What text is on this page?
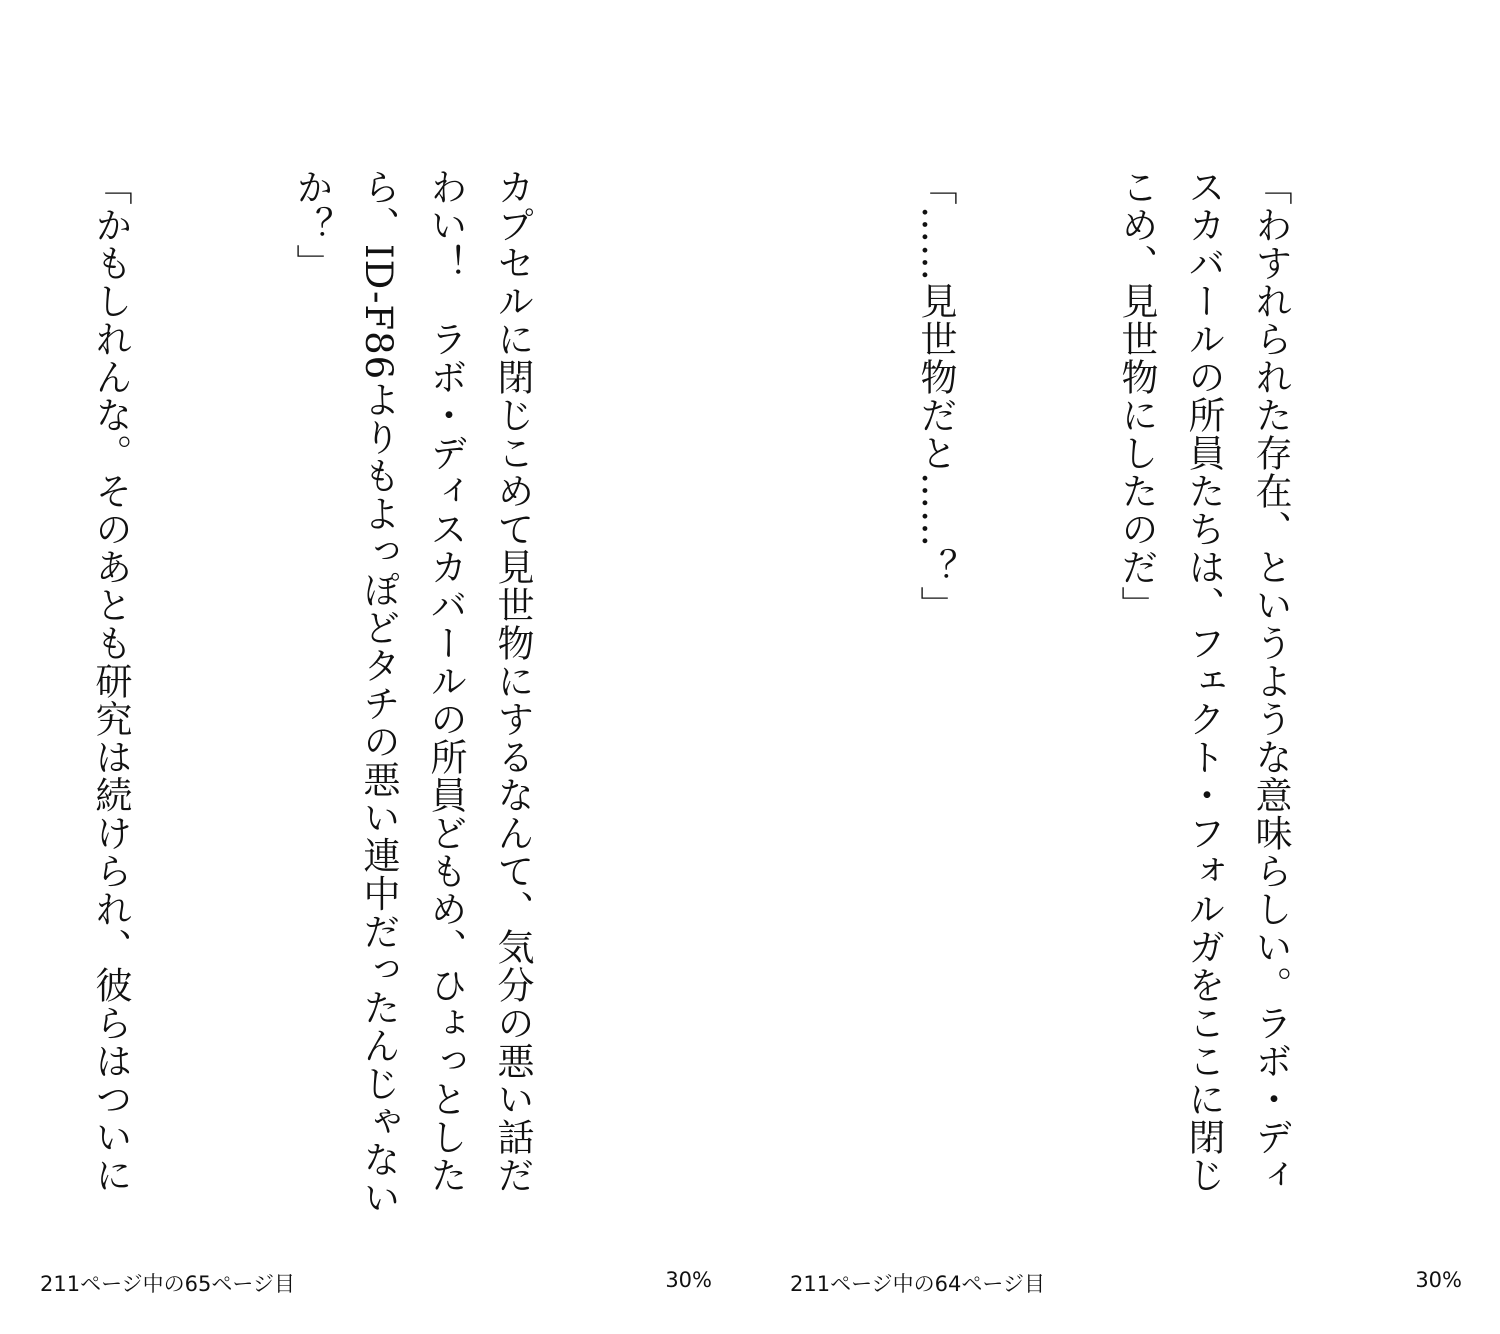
カプセルに閉じこめて見世物にするなんて、気分の悪い話だわい！　ラボ・ディスカバールの所員どもめ、ひょっとしたら、ID-F86よりもよっぽどタチの悪い連中だったんじゃないか？」

「かもしれんな。そのあとも研究は続けられ、彼らはついに

211ページ中の65ページ目	30%

「わすれられた存在、というような意味らしい。ラボ・ディスカバールの所員たちは、フェクト・フォルガをここに閉じこめ、見世物にしたのだ」

「……見世物だと……？」

211ページ中の64ページ目	30%
